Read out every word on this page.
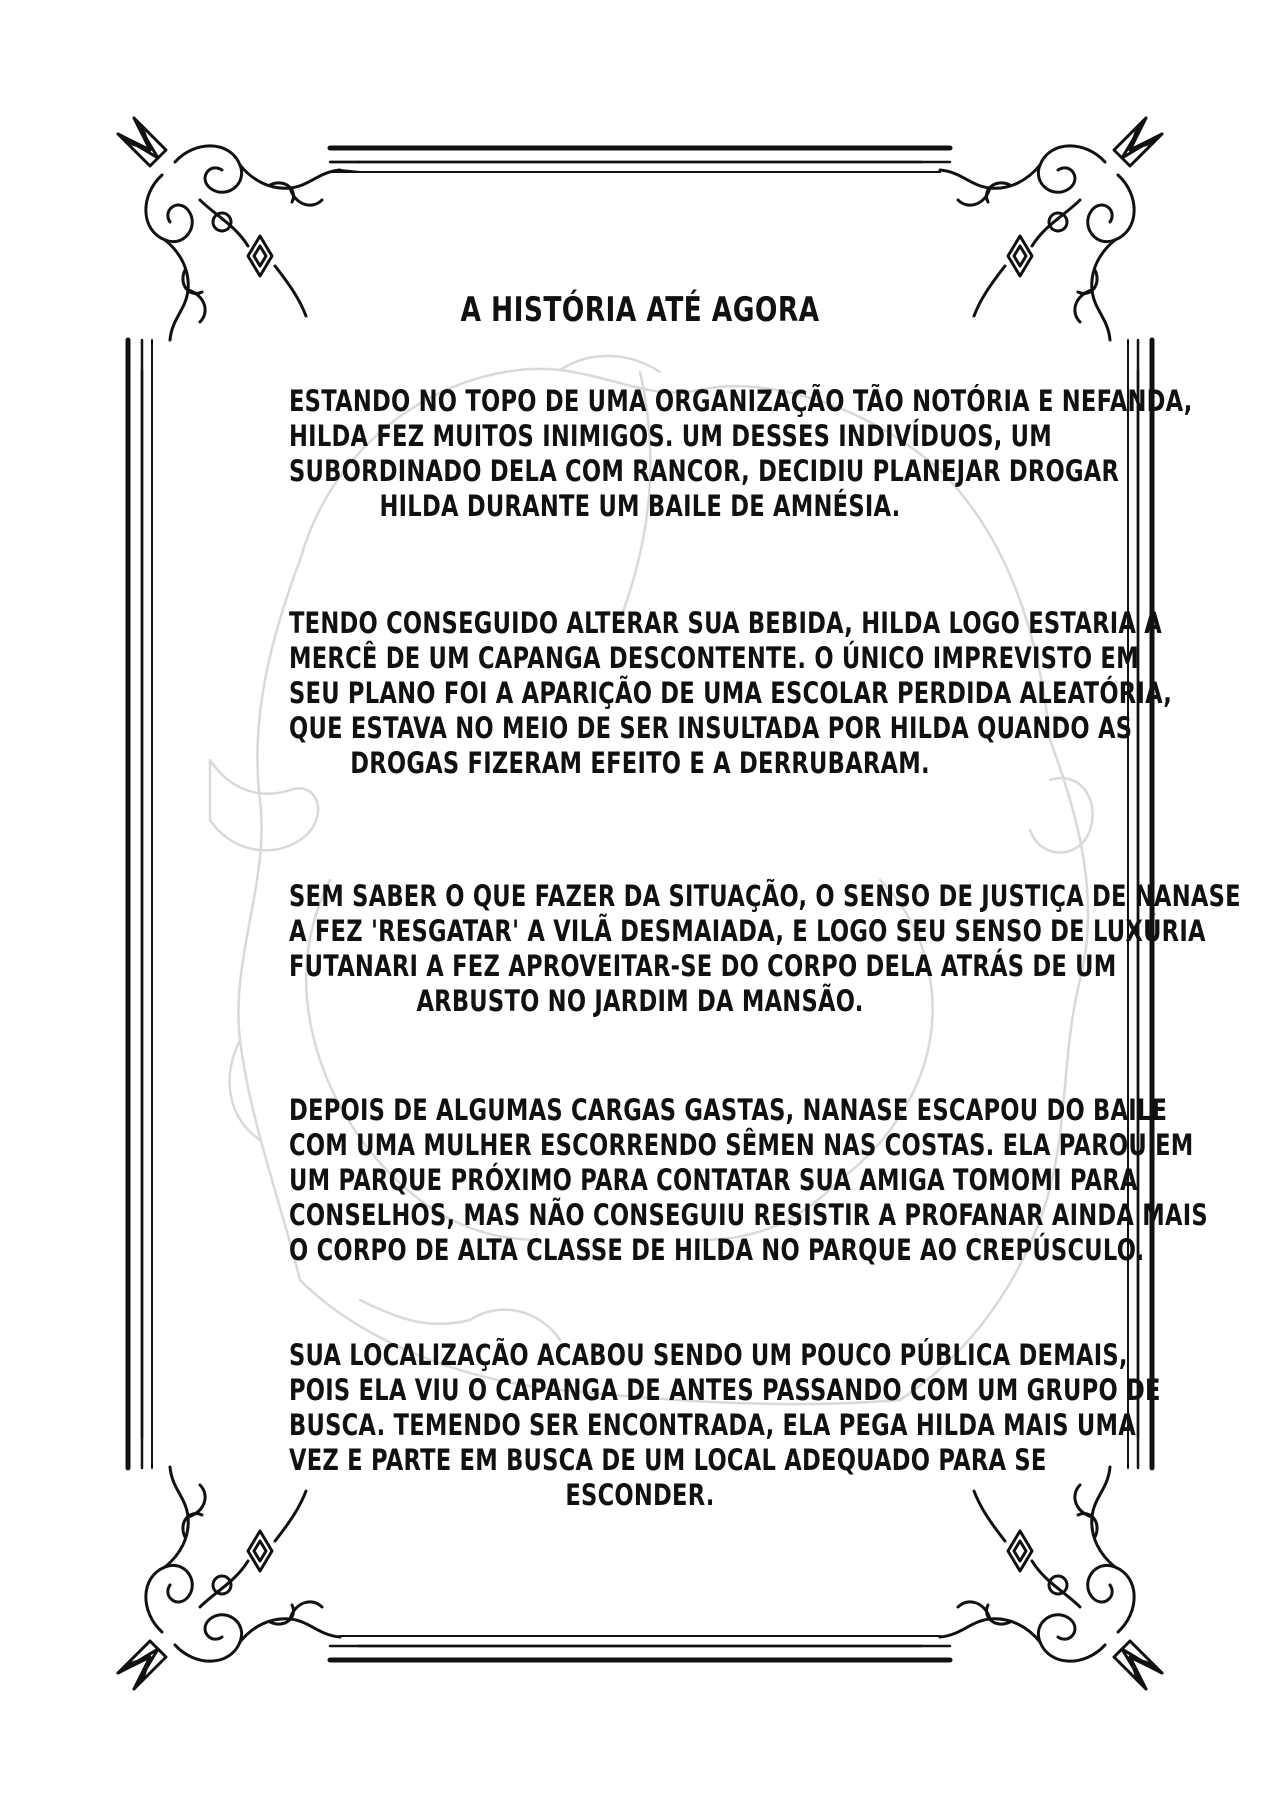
A HISTÓRIA ATÉ AGORA

ESTANDO NO TOPO DE UMA ORGANIZAÇÃO TÃO NOTÓRIA E NEFANDA,
HILDA FEZ MUITOS INIMIGOS. UM DESSES INDIVÍDUOS, UM
SUBORDINADO DELA COM RANCOR, DECIDIU PLANEJAR DROGAR
HILDA DURANTE UM BAILE DE AMNÉSIA.

TENDO CONSEGUIDO ALTERAR SUA BEBIDA, HILDA LOGO ESTARIA À
MERCÊ DE UM CAPANGA DESCONTENTE. O ÚNICO IMPREVISTO EM
SEU PLANO FOI A APARIÇÃO DE UMA ESCOLAR PERDIDA ALEATÓRIA,
QUE ESTAVA NO MEIO DE SER INSULTADA POR HILDA QUANDO AS
DROGAS FIZERAM EFEITO E A DERRUBARAM.

SEM SABER O QUE FAZER DA SITUAÇÃO, O SENSO DE JUSTIÇA DE NANASE
A FEZ 'RESGATAR' A VILÃ DESMAIADA, E LOGO SEU SENSO DE LUXÚRIA
FUTANARI A FEZ APROVEITAR-SE DO CORPO DELA ATRÁS DE UM
ARBUSTO NO JARDIM DA MANSÃO.

DEPOIS DE ALGUMAS CARGAS GASTAS, NANASE ESCAPOU DO BAILE
COM UMA MULHER ESCORRENDO SÊMEN NAS COSTAS. ELA PAROU EM
UM PARQUE PRÓXIMO PARA CONTATAR SUA AMIGA TOMOMI PARA
CONSELHOS, MAS NÃO CONSEGUIU RESISTIR A PROFANAR AINDA MAIS
O CORPO DE ALTA CLASSE DE HILDA NO PARQUE AO CREPÚSCULO.

SUA LOCALIZAÇÃO ACABOU SENDO UM POUCO PÚBLICA DEMAIS,
POIS ELA VIU O CAPANGA DE ANTES PASSANDO COM UM GRUPO DE
BUSCA. TEMENDO SER ENCONTRADA, ELA PEGA HILDA MAIS UMA
VEZ E PARTE EM BUSCA DE UM LOCAL ADEQUADO PARA SE
ESCONDER.
